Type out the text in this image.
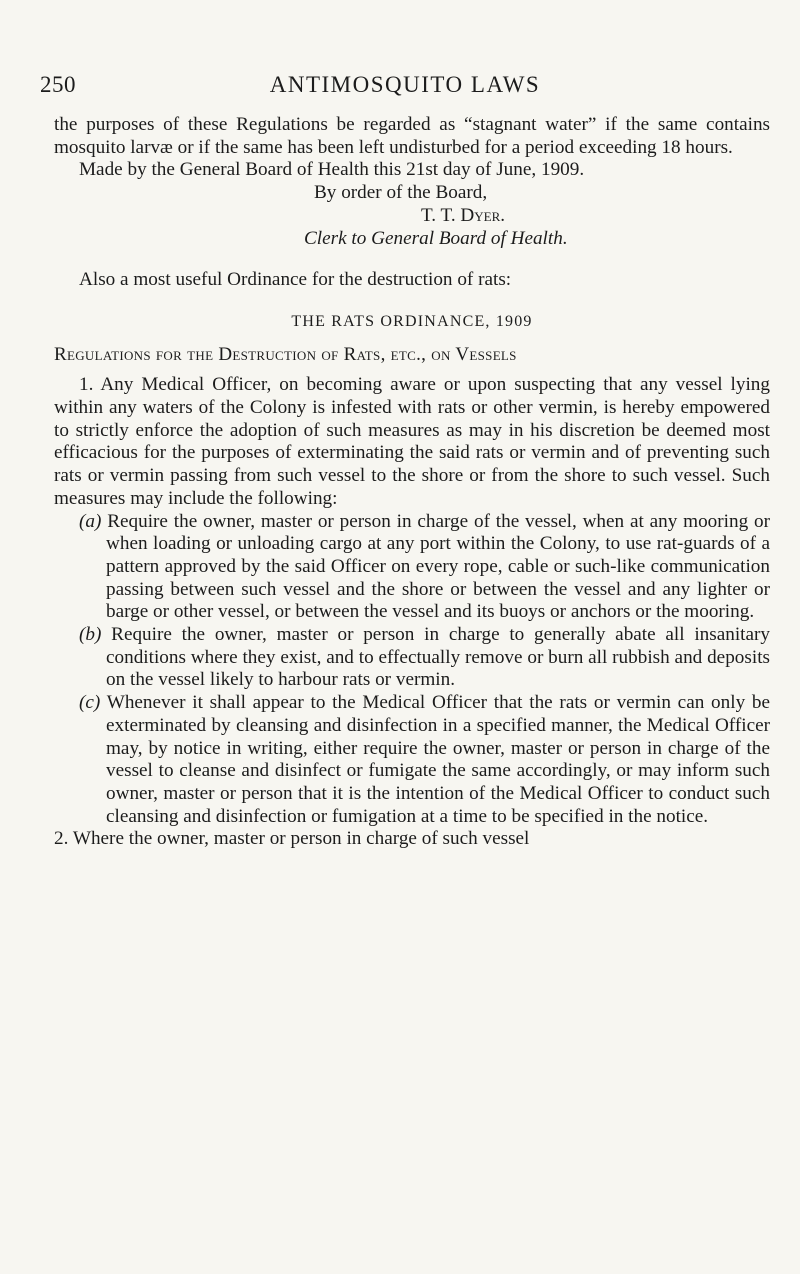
250	ANTIMOSQUITO LAWS

the purposes of these Regulations be regarded as “stagnant water” if the same contains mosquito larvæ or if the same has been left undisturbed for a period exceeding 18 hours.

Made by the General Board of Health this 21st day of June, 1909.

By order of the Board,
T. T. Dyer.
Clerk to General Board of Health.

Also a most useful Ordinance for the destruction of rats:

THE RATS ORDINANCE, 1909

Regulations for the Destruction of Rats, etc., on Vessels

1. Any Medical Officer, on becoming aware or upon suspecting that any vessel lying within any waters of the Colony is infested with rats or other vermin, is hereby empowered to strictly enforce the adoption of such measures as may in his discretion be deemed most efficacious for the purposes of exterminating the said rats or vermin and of preventing such rats or vermin passing from such vessel to the shore or from the shore to such vessel. Such measures may include the following:

(a) Require the owner, master or person in charge of the vessel, when at any mooring or when loading or unloading cargo at any port within the Colony, to use rat-guards of a pattern approved by the said Officer on every rope, cable or such-like communication passing between such vessel and the shore or between the vessel and any lighter or barge or other vessel, or between the vessel and its buoys or anchors or the mooring.

(b) Require the owner, master or person in charge to generally abate all insanitary conditions where they exist, and to effectually remove or burn all rubbish and deposits on the vessel likely to harbour rats or vermin.

(c) Whenever it shall appear to the Medical Officer that the rats or vermin can only be exterminated by cleansing and disinfection in a specified manner, the Medical Officer may, by notice in writing, either require the owner, master or person in charge of the vessel to cleanse and disinfect or fumigate the same accordingly, or may inform such owner, master or person that it is the intention of the Medical Officer to conduct such cleansing and disinfection or fumigation at a time to be specified in the notice.

2. Where the owner, master or person in charge of such vessel
